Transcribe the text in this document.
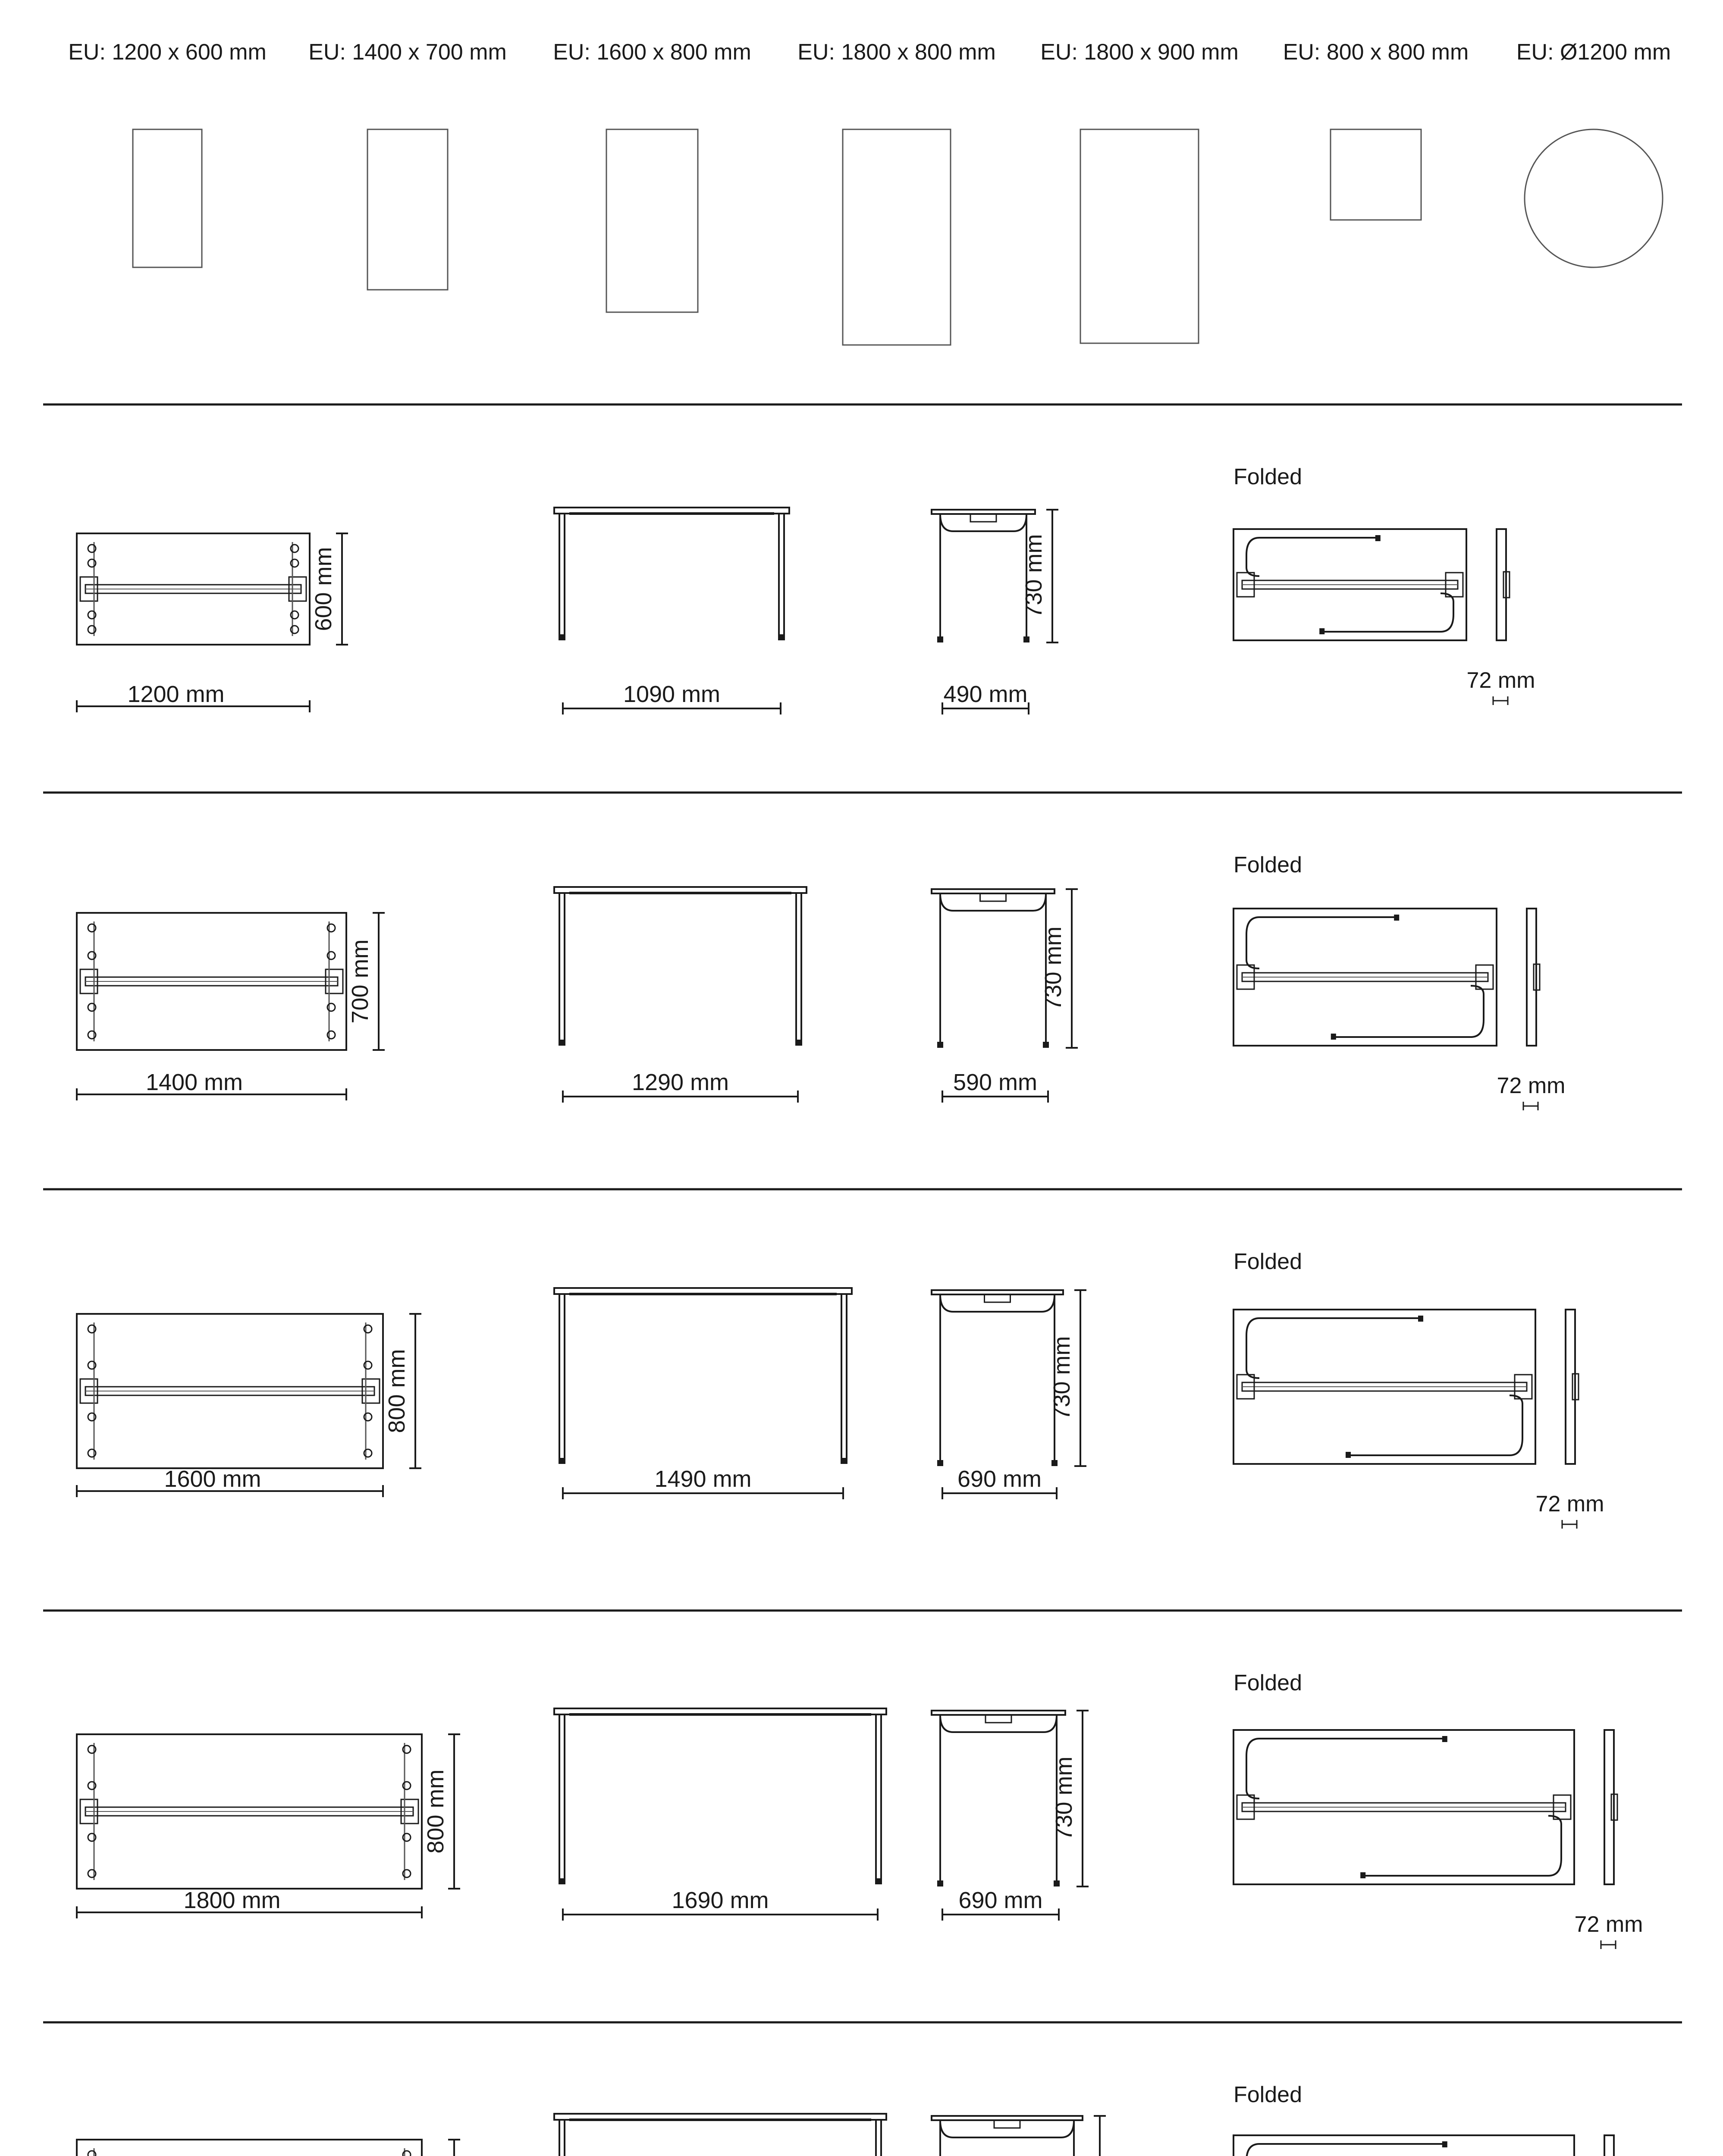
EU: 1200 x 600 mm EU: 1400 x 700 mm EU: 1600 x 800 mm EU: 1800 x 800 mm EU: 1800 x 900 mm EU: 800 x 800 mm EU: Ø1200 mm
1200 mm
600 mm
1090 mm	490 mm
730 mm
Folded
72 mm
1400 mm
700 mm
1290 mm	590 mm
730 mm
Folded
72 mm
1600 mm
800 mm
1490 mm	690 mm
730 mm
Folded
72 mm
1800 mm
800 mm
1690 mm	690 mm
730 mm
Folded
72 mm
Folded
